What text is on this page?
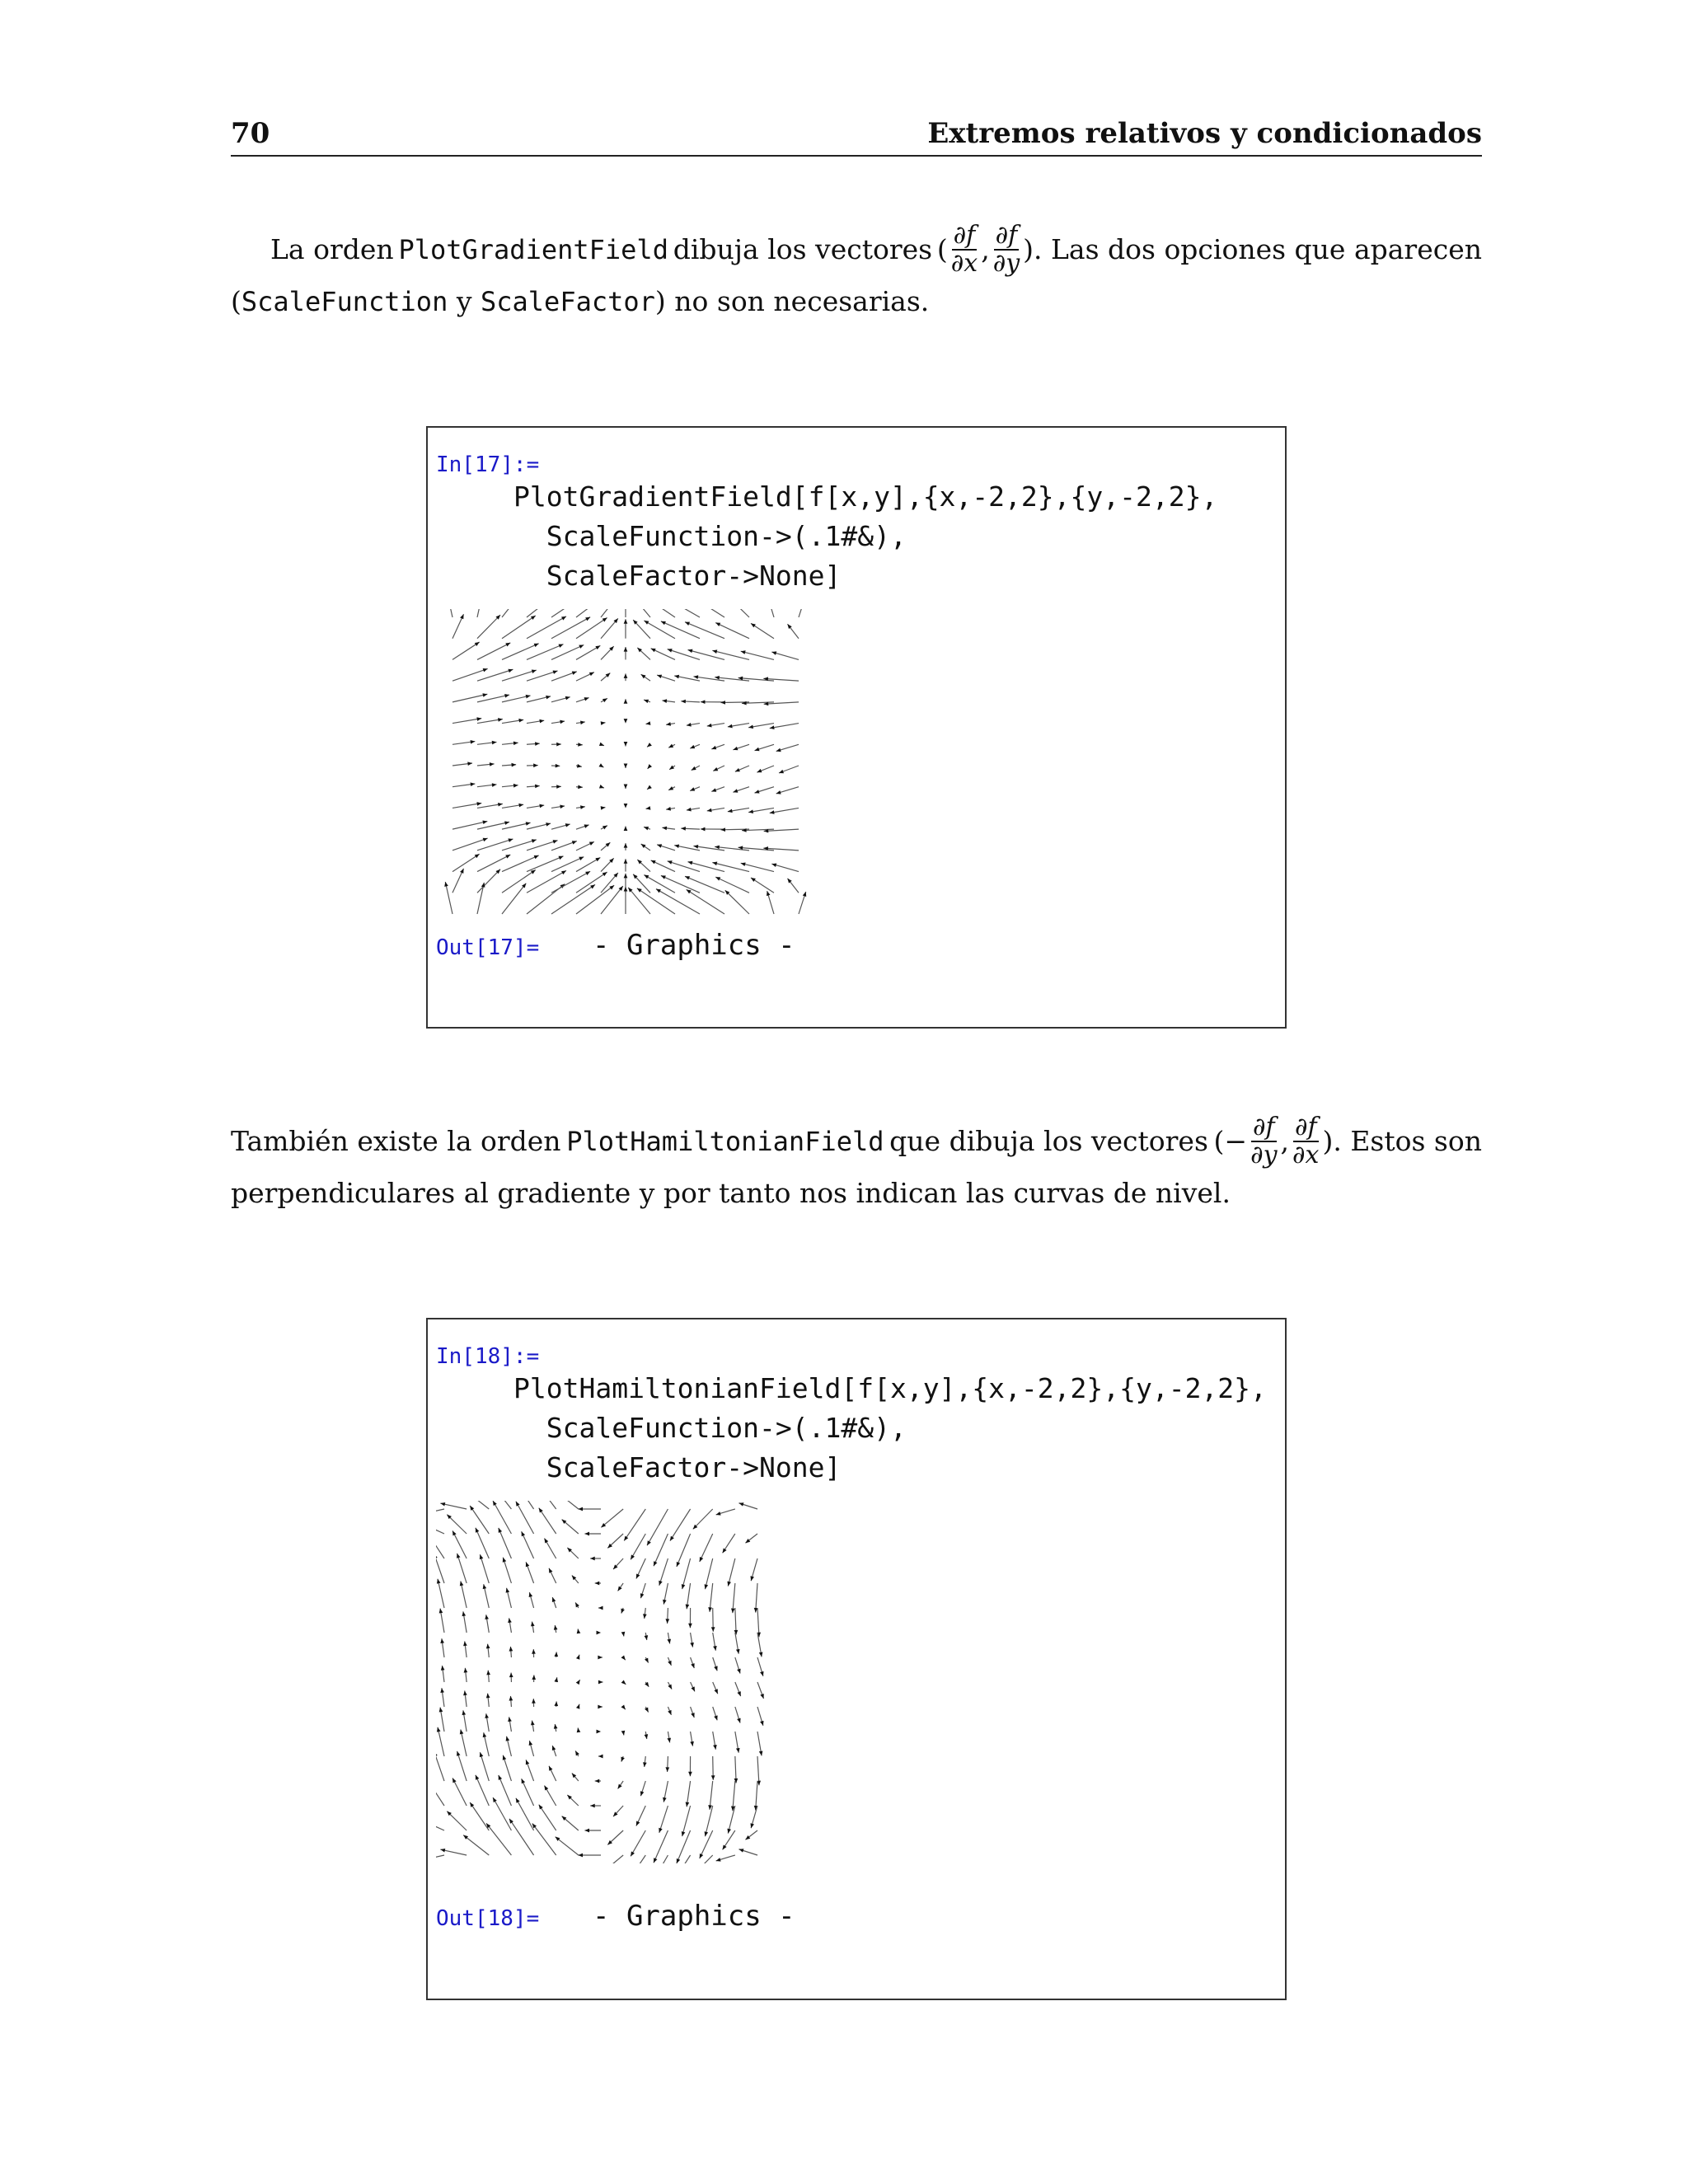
70	Extremos relativos y condicionados
La orden PlotGradientField dibuja los vectores ( $\frac{\partial f}{\partial x}$ , $\frac{\partial f}{\partial y}$ ) . Las dos opciones que aparecen
(ScaleFunction y ScaleFactor) no son necesarias.
In[17]:=
PlotGradientField[f[x,y],{x,-2,2},{y,-2,2},
ScaleFunction->(.1#&),
ScaleFactor->None]
Out[17]= - Graphics -
También existe la orden PlotHamiltonianField que dibuja los vectores (− $\frac{\partial f}{\partial y}$ , $\frac{\partial f}{\partial x}$ ) . Estos son
perpendiculares al gradiente y por tanto nos indican las curvas de nivel.
In[18]:=
PlotHamiltonianField[f[x,y],{x,-2,2},{y,-2,2},
ScaleFunction->(.1#&),
ScaleFactor->None]
Out[18]= - Graphics -
